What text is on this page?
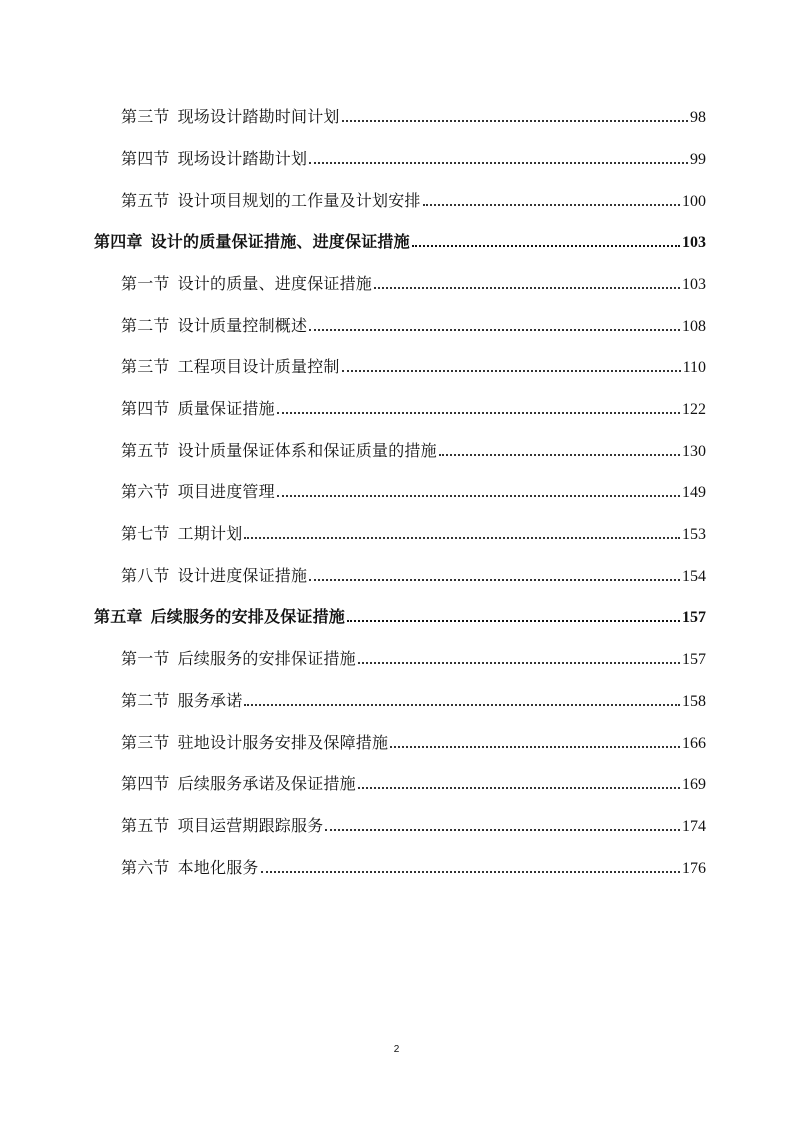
第三节 现场设计踏勘时间计划	98
第四节 现场设计踏勘计划	99
第五节 设计项目规划的工作量及计划安排	100
第四章 设计的质量保证措施、进度保证措施	103
第一节 设计的质量、进度保证措施	103
第二节 设计质量控制概述	108
第三节 工程项目设计质量控制	110
第四节 质量保证措施	122
第五节 设计质量保证体系和保证质量的措施	130
第六节 项目进度管理	149
第七节 工期计划	153
第八节 设计进度保证措施	154
第五章 后续服务的安排及保证措施	157
第一节 后续服务的安排保证措施	157
第二节 服务承诺	158
第三节 驻地设计服务安排及保障措施	166
第四节 后续服务承诺及保证措施	169
第五节 项目运营期跟踪服务	174
第六节 本地化服务	176
2
